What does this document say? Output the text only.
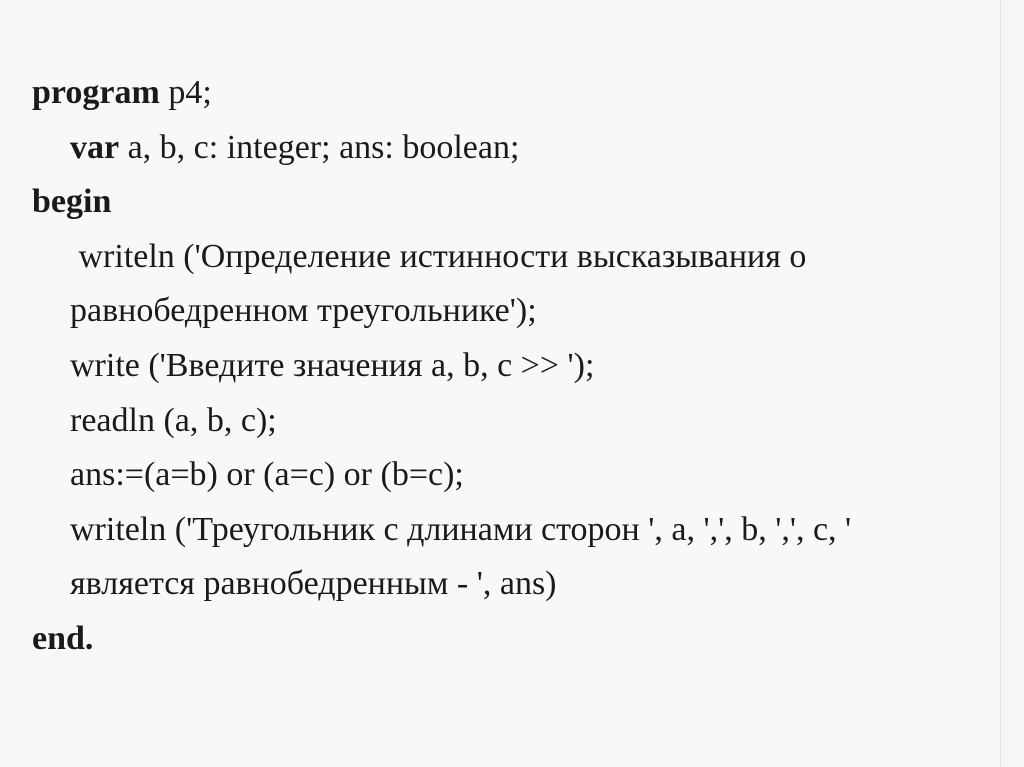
program p4;
var a, b, c: integer; ans: boolean;
begin
writeln ('Определение истинности высказывания о
равнобедренном треугольнике');
write ('Введите значения a, b, c >> ');
readln (a, b, c);
ans:=(a=b) or (a=c) or (b=c);
writeln ('Треугольник с длинами сторон ', a, ',', b, ',', c, '
является равнобедренным - ', ans)
end.
